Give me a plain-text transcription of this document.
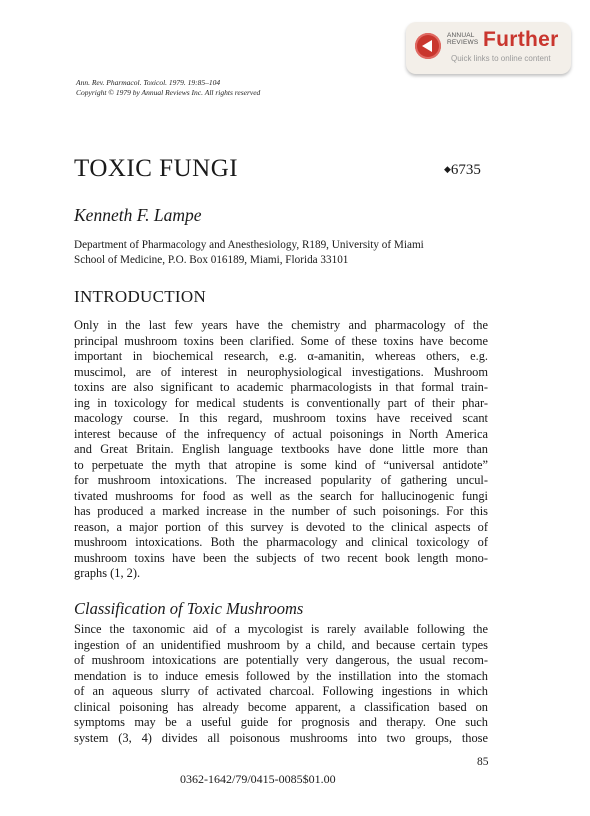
ANNUAL
REVIEWS Further
Quick links to online content
Ann. Rev. Pharmacol. Toxicol. 1979. 19:85–104
Copyright © 1979 by Annual Reviews Inc. All rights reserved
TOXIC FUNGI	◆6735
Kenneth F. Lampe
Department of Pharmacology and Anesthesiology, R189, University of Miami
School of Medicine, P.O. Box 016189, Miami, Florida 33101
INTRODUCTION
Only in the last few years have the chemistry and pharmacology of the
principal mushroom toxins been clarified. Some of these toxins have become
important in biochemical research, e.g. α-amanitin, whereas others, e.g.
muscimol, are of interest in neurophysiological investigations. Mushroom
toxins are also significant to academic pharmacologists in that formal train-
ing in toxicology for medical students is conventionally part of their phar-
macology course. In this regard, mushroom toxins have received scant
interest because of the infrequency of actual poisonings in North America
and Great Britain. English language textbooks have done little more than
to perpetuate the myth that atropine is some kind of “universal antidote”
for mushroom intoxications. The increased popularity of gathering uncul-
tivated mushrooms for food as well as the search for hallucinogenic fungi
has produced a marked increase in the number of such poisonings. For this
reason, a major portion of this survey is devoted to the clinical aspects of
mushroom intoxications. Both the pharmacology and clinical toxicology of
mushroom toxins have been the subjects of two recent book length mono-
graphs (1, 2).
Classification of Toxic Mushrooms
Since the taxonomic aid of a mycologist is rarely available following the
ingestion of an unidentified mushroom by a child, and because certain types
of mushroom intoxications are potentially very dangerous, the usual recom-
mendation is to induce emesis followed by the instillation into the stomach
of an aqueous slurry of activated charcoal. Following ingestions in which
clinical poisoning has already become apparent, a classification based on
symptoms may be a useful guide for prognosis and therapy. One such
system (3, 4) divides all poisonous mushrooms into two groups, those
85
0362-1642/79/0415-0085$01.00
